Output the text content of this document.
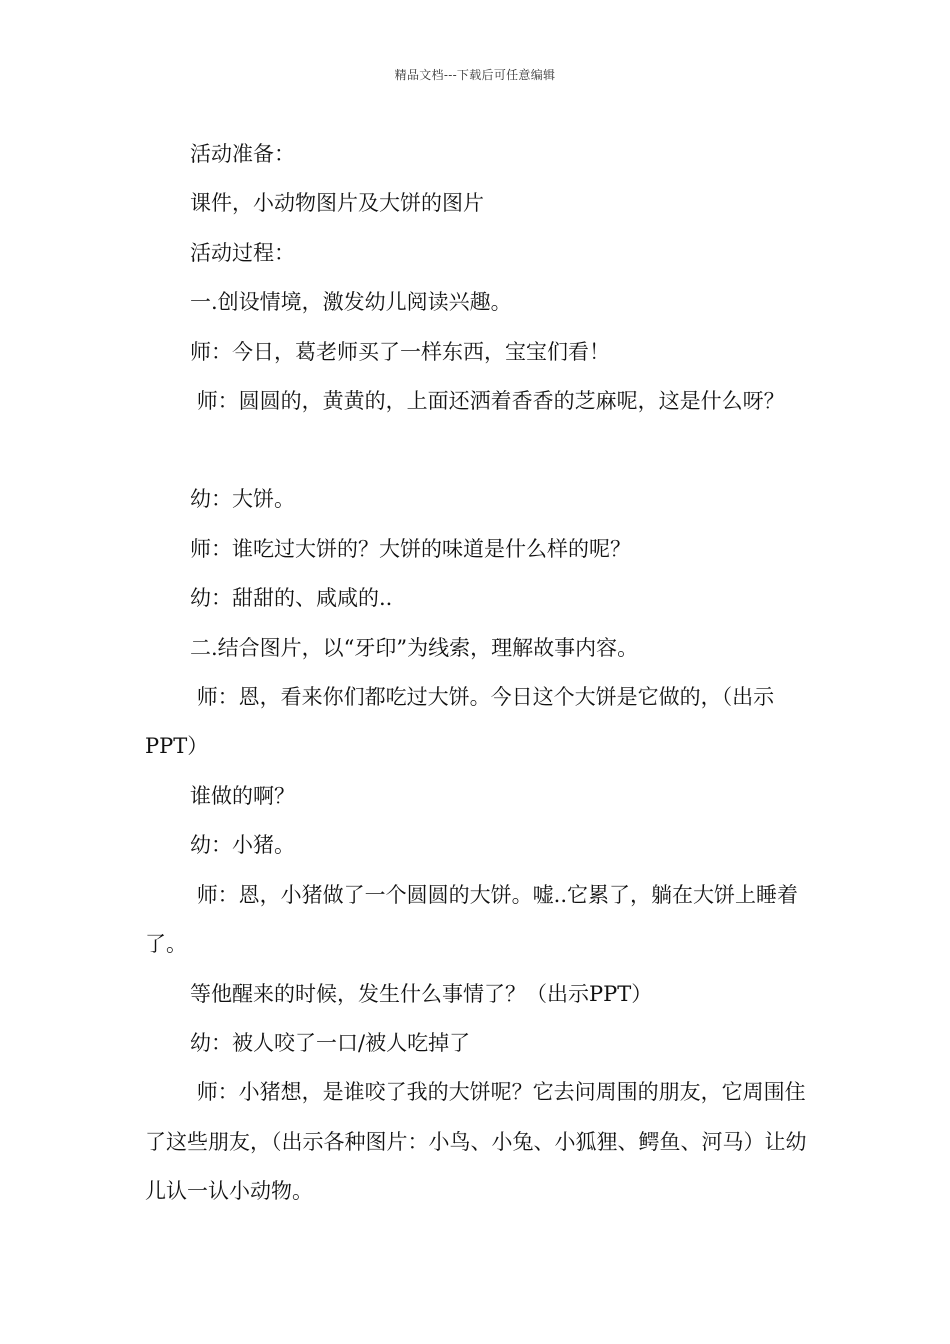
精品文档---下载后可任意编辑

活动准备：

课件，小动物图片及大饼的图片

活动过程：

一.创设情境，激发幼儿阅读兴趣。

师：今日，葛老师买了一样东西，宝宝们看！

师：圆圆的，黄黄的，上面还洒着香香的芝麻呢，这是什么呀？

幼：大饼。

师：谁吃过大饼的？大饼的味道是什么样的呢？

幼：甜甜的、咸咸的..

二.结合图片，以“牙印”为线索，理解故事内容。

师：恩，看来你们都吃过大饼。今日这个大饼是它做的，（出示PPT）

谁做的啊？

幼：小猪。

师：恩，小猪做了一个圆圆的大饼。嘘..它累了，躺在大饼上睡着了。

等他醒来的时候，发生什么事情了？（出示PPT）

幼：被人咬了一口/被人吃掉了

师：小猪想，是谁咬了我的大饼呢？它去问周围的朋友，它周围住了这些朋友，（出示各种图片：小鸟、小兔、小狐狸、鳄鱼、河马）让幼儿认一认小动物。
